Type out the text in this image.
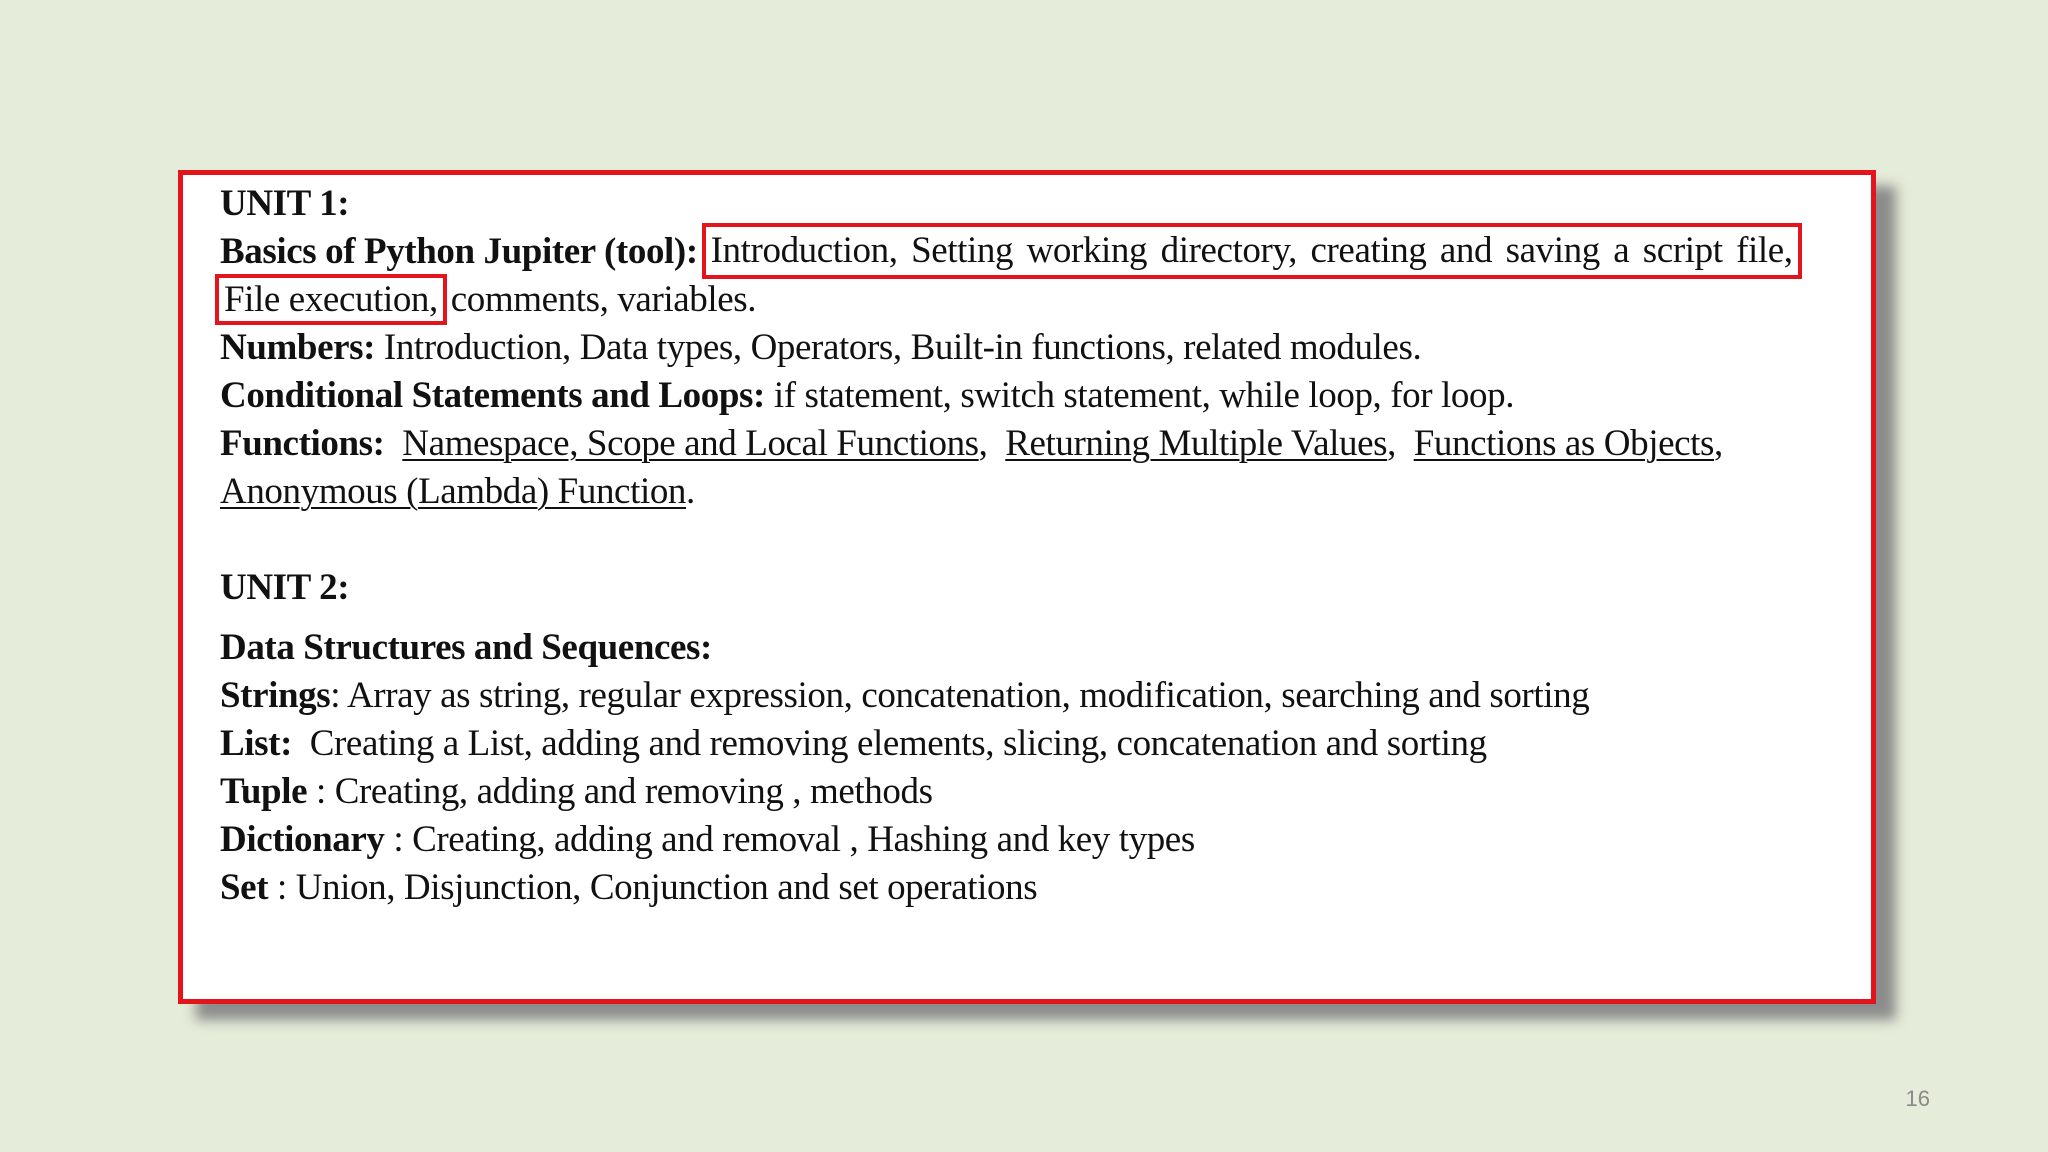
UNIT 1:
Basics of Python Jupiter (tool): Introduction, Setting working directory, creating and saving a script file,
File execution, comments, variables.
Numbers: Introduction, Data types, Operators, Built-in functions, related modules.
Conditional Statements and Loops: if statement, switch statement, while loop, for loop.
Functions: Namespace, Scope and Local Functions,  Returning Multiple Values,  Functions as Objects,
Anonymous (Lambda) Function.
UNIT 2:
Data Structures and Sequences:
Strings: Array as string, regular expression, concatenation, modification, searching and sorting
List:  Creating a List, adding and removing elements, slicing, concatenation and sorting
Tuple : Creating, adding and removing , methods
Dictionary : Creating, adding and removal , Hashing and key types
Set : Union, Disjunction, Conjunction and set operations
16
